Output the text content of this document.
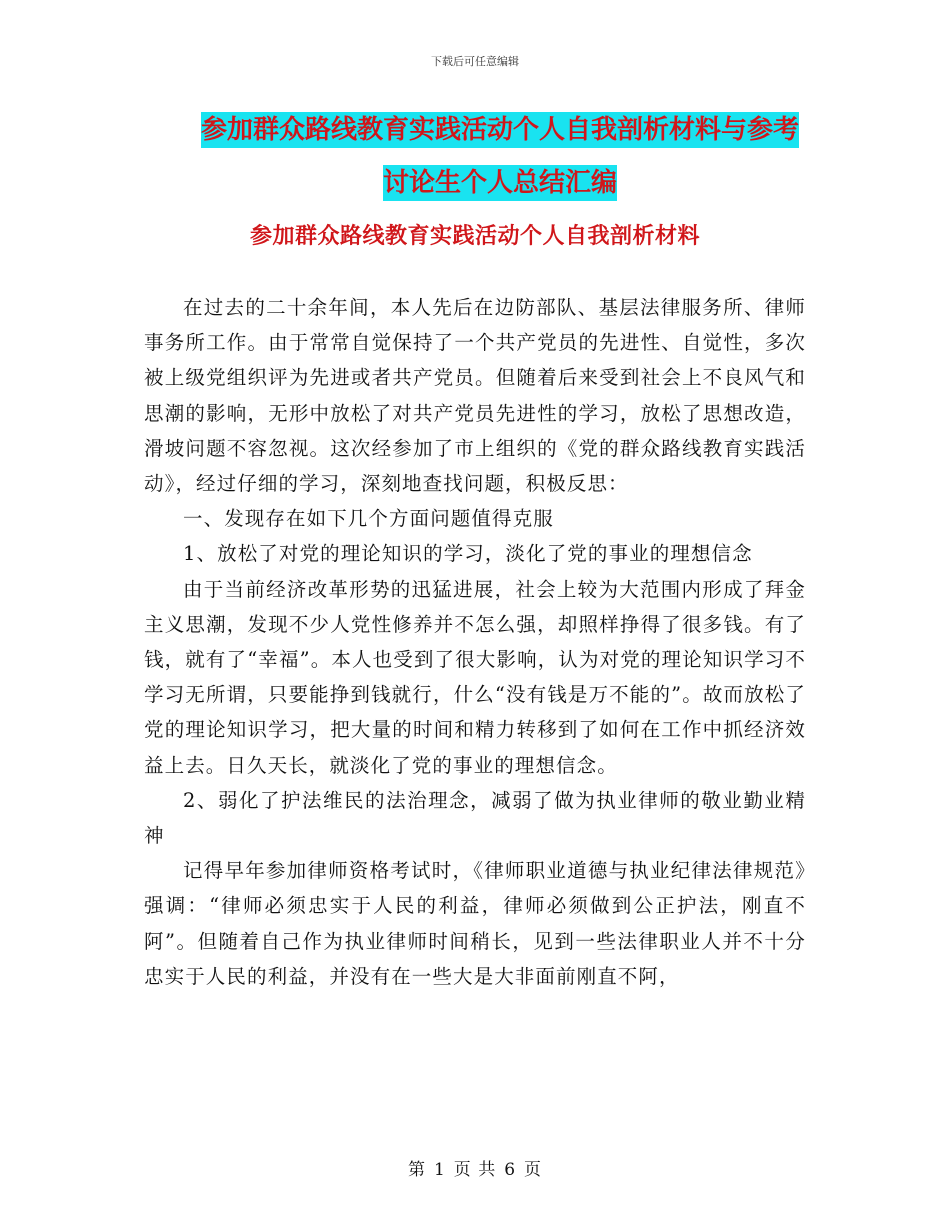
下载后可任意编辑
参加群众路线教育实践活动个人自我剖析材料与参考
讨论生个人总结汇编
参加群众路线教育实践活动个人自我剖析材料

在过去的二十余年间，本人先后在边防部队、基层法律服务所、律师事务所工作。由于常常自觉保持了一个共产党员的先进性、自觉性，多次被上级党组织评为先进或者共产党员。但随着后来受到社会上不良风气和思潮的影响，无形中放松了对共产党员先进性的学习，放松了思想改造，滑坡问题不容忽视。这次经参加了市上组织的《党的群众路线教育实践活动》，经过仔细的学习，深刻地查找问题，积极反思：

一、发现存在如下几个方面问题值得克服

1、放松了对党的理论知识的学习，淡化了党的事业的理想信念

由于当前经济改革形势的迅猛进展，社会上较为大范围内形成了拜金主义思潮，发现不少人党性修养并不怎么强，却照样挣得了很多钱。有了钱，就有了“幸福”。本人也受到了很大影响，认为对党的理论知识学习不学习无所谓，只要能挣到钱就行，什么“没有钱是万不能的”。故而放松了党的理论知识学习，把大量的时间和精力转移到了如何在工作中抓经济效益上去。日久天长，就淡化了党的事业的理想信念。

2、弱化了护法维民的法治理念，减弱了做为执业律师的敬业勤业精神

记得早年参加律师资格考试时，《律师职业道德与执业纪律法律规范》强调：“律师必须忠实于人民的利益，律师必须做到公正护法，刚直不阿”。但随着自己作为执业律师时间稍长，见到一些法律职业人并不十分忠实于人民的利益，并没有在一些大是大非面前刚直不阿，

第 1 页 共 6 页
